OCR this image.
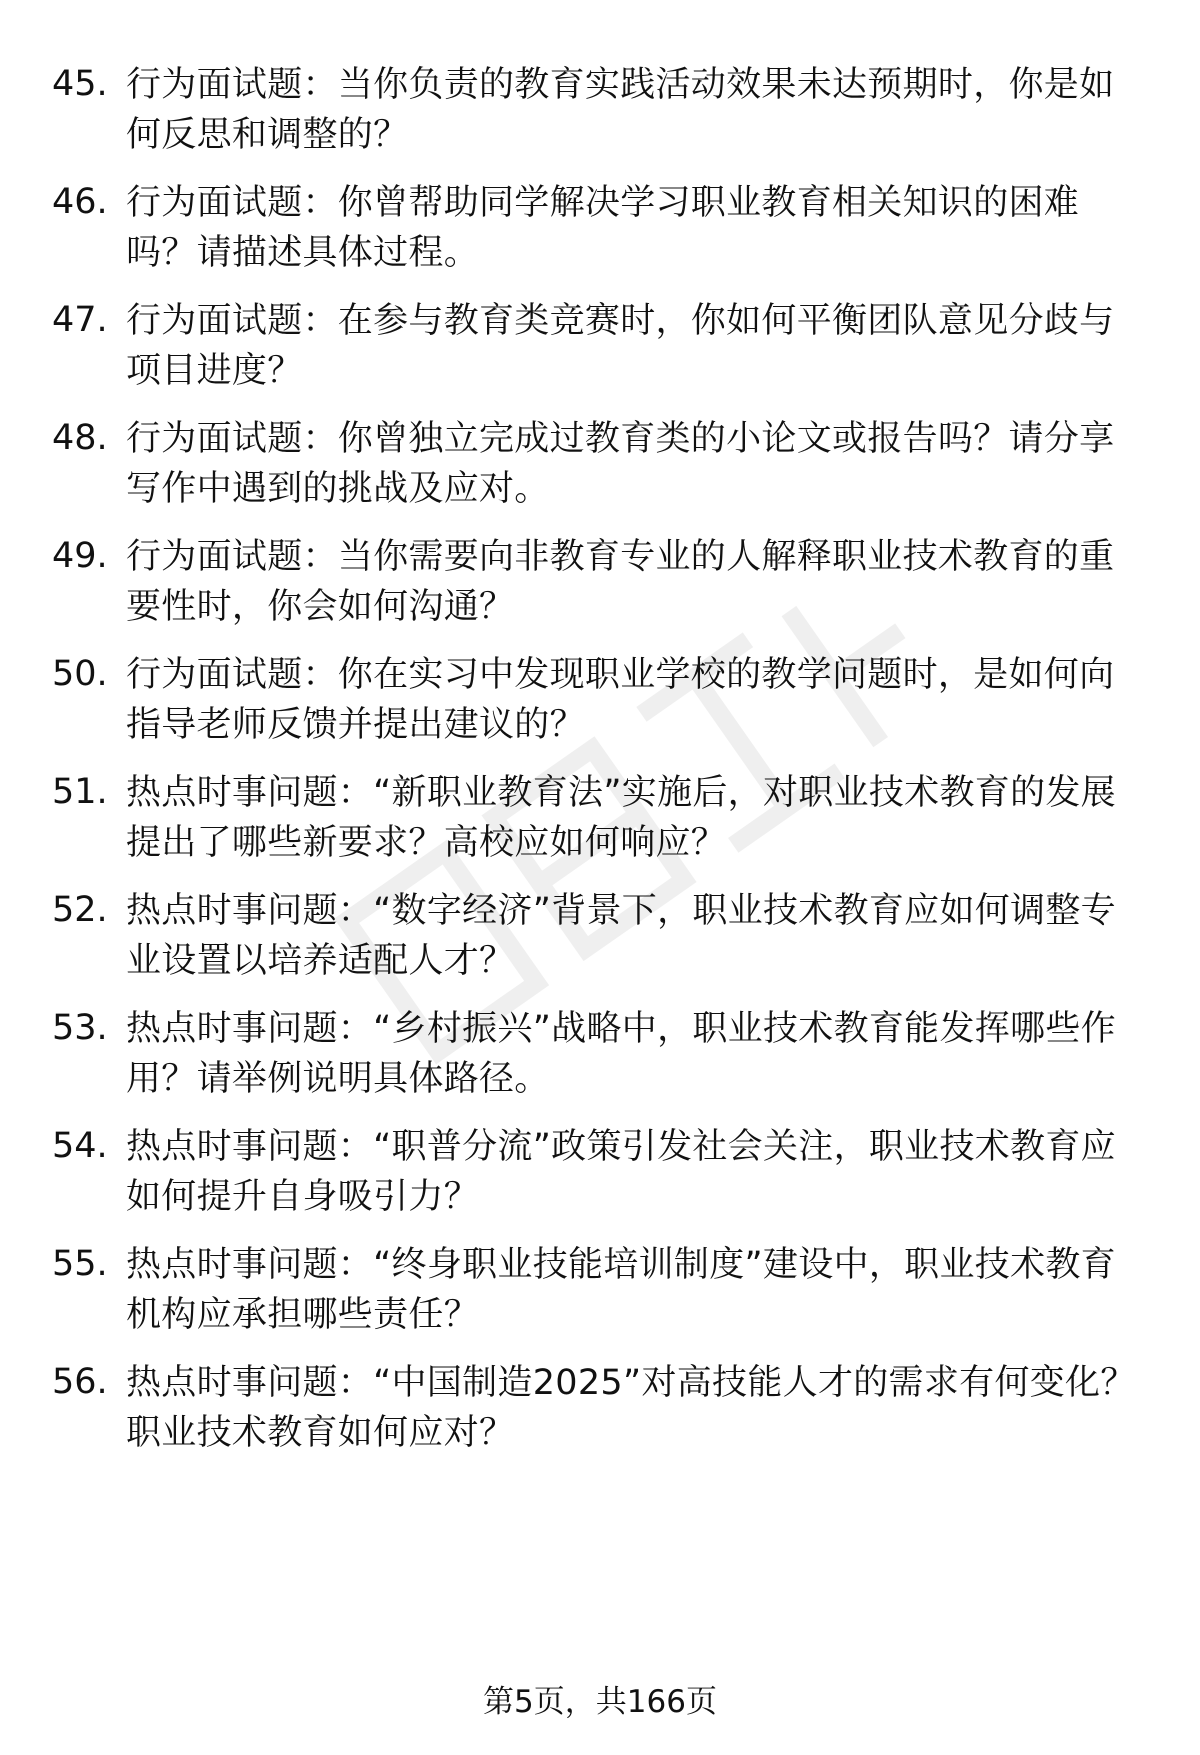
45. 行为面试题：当你负责的教育实践活动效果未达预期时，你是如何反思和调整的？
46. 行为面试题：你曾帮助同学解决学习职业教育相关知识的困难吗？请描述具体过程。
47. 行为面试题：在参与教育类竞赛时，你如何平衡团队意见分歧与项目进度？
48. 行为面试题：你曾独立完成过教育类的小论文或报告吗？请分享写作中遇到的挑战及应对。
49. 行为面试题：当你需要向非教育专业的人解释职业技术教育的重要性时，你会如何沟通？
50. 行为面试题：你在实习中发现职业学校的教学问题时，是如何向指导老师反馈并提出建议的？
51. 热点时事问题：“新职业教育法”实施后，对职业技术教育的发展提出了哪些新要求？高校应如何响应？
52. 热点时事问题：“数字经济”背景下，职业技术教育应如何调整专业设置以培养适配人才？
53. 热点时事问题：“乡村振兴”战略中，职业技术教育能发挥哪些作用？请举例说明具体路径。
54. 热点时事问题：“职普分流”政策引发社会关注，职业技术教育应如何提升自身吸引力？
55. 热点时事问题：“终身职业技能培训制度”建设中，职业技术教育机构应承担哪些责任？
56. 热点时事问题：“中国制造2025”对高技能人才的需求有何变化？职业技术教育如何应对？
第5页，共166页
